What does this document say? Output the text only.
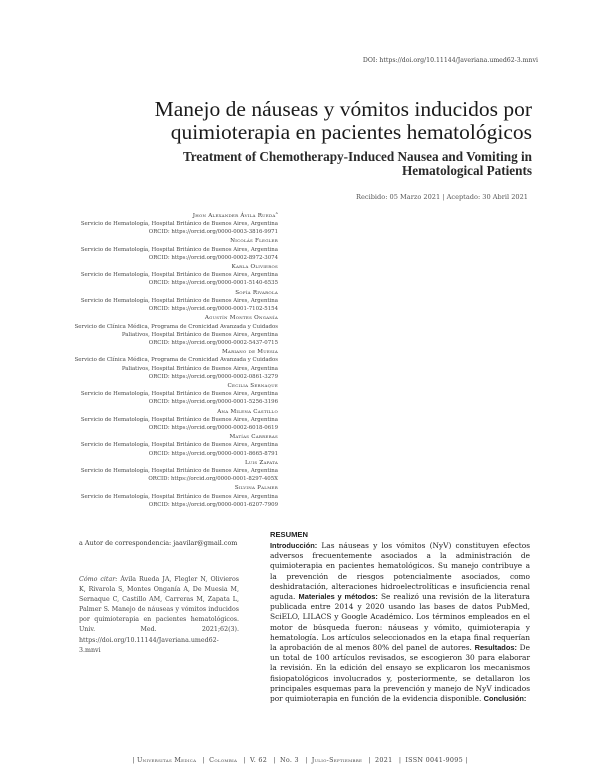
DOI: https://doi.org/10.11144/Javeriana.umed62-3.mnvi
Manejo de náuseas y vómitos inducidos por quimioterapia en pacientes hematológicos
Treatment of Chemotherapy-Induced Nausea and Vomiting in Hematological Patients
Recibido: 05 Marzo 2021 | Aceptado: 30 Abril 2021
Jhon Alexander Ávila Rueda$^a$
Servicio de Hematología, Hospital Británico de Buenos Aires, Argentina
ORCID: https://orcid.org/0000-0003-3816-9971
Nicolás Flegler
Servicio de Hematología, Hospital Británico de Buenos Aires, Argentina
ORCID: https://orcid.org/0000-0002-8972-3074
Karla Olivieros
Servicio de Hematología, Hospital Británico de Buenos Aires, Argentina
ORCID: https://orcid.org/0000-0001-5140-6535
Sofía Rivarola
Servicio de Hematología, Hospital Británico de Buenos Aires, Argentina
ORCID: https://orcid.org/0000-0001-7102-5154
Agustín Montes Onganía
Servicio de Clínica Médica, Programa de Cronicidad Avanzada y Cuidados
Paliativos, Hospital Británico de Buenos Aires, Argentina
ORCID: https://orcid.org/0000-0002-5437-0715
Mariano de Muesia
Servicio de Clínica Médica, Programa de Cronicidad Avanzada y Cuidados
Paliativos, Hospital Británico de Buenos Aires, Argentina
ORCID: https://orcid.org/0000-0002-0861-3279
Cecilia Sernaque
Servicio de Hematología, Hospital Británico de Buenos Aires, Argentina
ORCID: https://orcid.org/0000-0001-5256-3196
Ana Milena Castillo
Servicio de Hematología, Hospital Británico de Buenos Aires, Argentina
ORCID: https://orcid.org/0000-0002-6018-0619
Matías Carreras
Servicio de Hematología, Hospital Británico de Buenos Aires, Argentina
ORCID: https://orcid.org/0000-0001-8665-8791
Luis Zapata
Servicio de Hematología, Hospital Británico de Buenos Aires, Argentina
ORCID: https://orcid.org/0000-0001-8297-405X
Silvina Palmer
Servicio de Hematología, Hospital Británico de Buenos Aires, Argentina
ORCID: https://orcid.org/0000-0001-6207-7909
a Autor de correspondencia: jaavilar@gmail.com
Cómo citar: Ávila Rueda JA, Flegler N, Olivieros K, Rivarola S, Montes Onganía A, De Muesia M, Sernaque C, Castillo AM, Carreras M, Zapata L, Palmer S. Manejo de náuseas y vómitos inducidos por quimioterapia en pacientes hematológicos. Univ. Med. 2021;62(3). https://doi.org/10.11144/Javeriana.umed62-3.mnvi
RESUMEN
Introducción: Las náuseas y los vómitos (NyV) constituyen efectos adversos frecuentemente asociados a la administración de quimioterapia en pacientes hematológicos. Su manejo contribuye a la prevención de riesgos potencialmente asociados, como deshidratación, alteraciones hidroelectrolíticas e insuficiencia renal aguda. Materiales y métodos: Se realizó una revisión de la literatura publicada entre 2014 y 2020 usando las bases de datos PubMed, SciELO, LILACS y Google Académico. Los términos empleados en el motor de búsqueda fueron: náuseas y vómito, quimioterapia y hematología. Los artículos seleccionados en la etapa final requerían la aprobación de al menos 80% del panel de autores. Resultados: De un total de 100 artículos revisados, se escogieron 30 para elaborar la revisión. En la edición del ensayo se explicaron los mecanismos fisiopatológicos involucrados y, posteriormente, se detallaron los principales esquemas para la prevención y manejo de NyV indicados por quimioterapia en función de la evidencia disponible. Conclusión:
| Universitas Medica | Colombia | V. 62 | No. 3 | Julio-Septiembre | 2021 | ISSN 0041-9095 |
